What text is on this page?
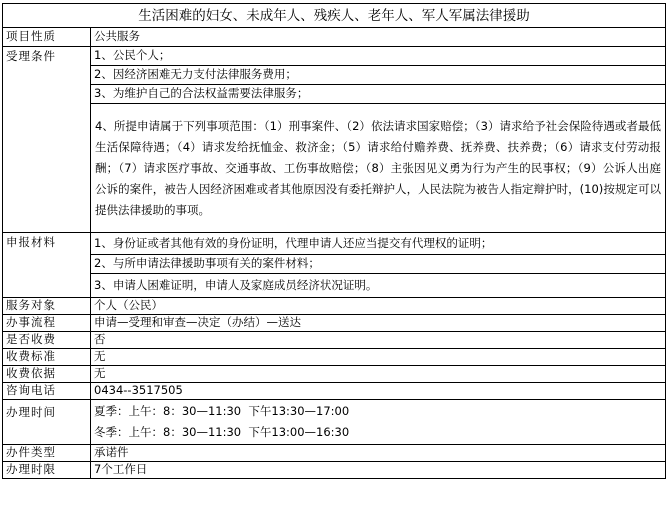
生活困难的妇女、未成年人、残疾人、老年人、军人军属法律援助	
项目性质	公共服务
受理条件	1、公民个人；
	2、因经济困难无力支付法律服务费用；
	3、为维护自己的合法权益需要法律服务；
	4、所提申请属于下列事项范围：（1）刑事案件、（2）依法请求国家赔偿；（3）请求给予社会保险待遇或者最低生活保障待遇；（4）请求发给抚恤金、救济金；（5）请求给付赡养费、抚养费、扶养费；（6）请求支付劳动报酬；（7）请求医疗事故、交通事故、工伤事故赔偿；（8）主张因见义勇为行为产生的民事权；（9）公诉人出庭公诉的案件，被告人因经济困难或者其他原因没有委托辩护人，人民法院为被告人指定辩护时，(10)按规定可以提供法律援助的事项。
申报材料	1、身份证或者其他有效的身份证明，代理申请人还应当提交有代理权的证明；
	2、与所申请法律援助事项有关的案件材料；
	3、申请人困难证明，申请人及家庭成员经济状况证明。
服务对象	个人（公民）
办事流程	申请—受理和审查—决定（办结）—送达
是否收费	否
收费标准	无
收费依据	无
咨询电话	0434--3517505
办理时间	夏季：上午：8：30—11:30  下午13:30—17:00
冬季：上午：8：30—11:30  下午13:00—16:30

办件类型	承诺件
办理时限	7个工作日
